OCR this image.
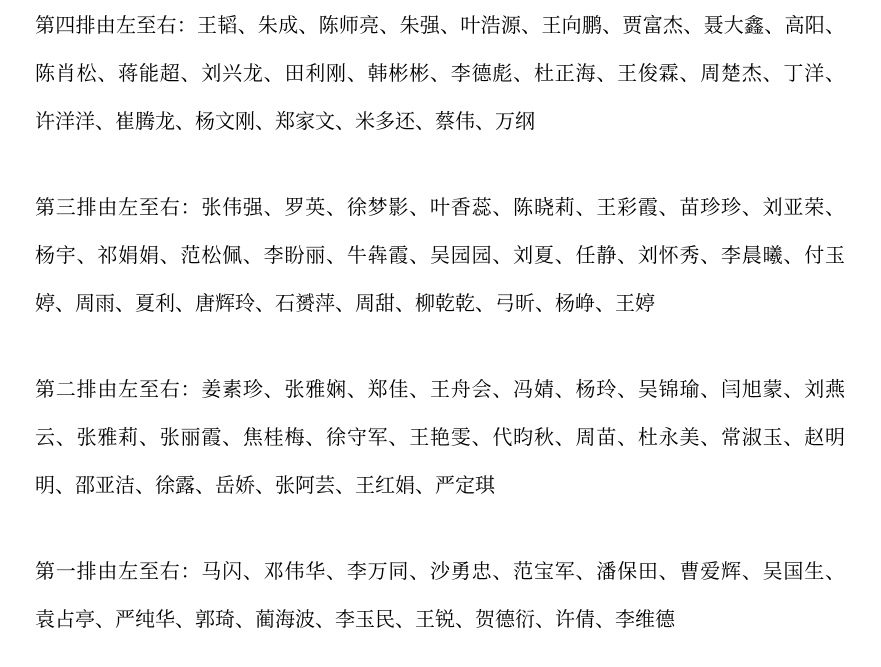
第四排由左至右：王韬、朱成、陈师亮、朱强、叶浩源、王向鹏、贾富杰、聂大鑫、高阳、
陈肖松、蒋能超、刘兴龙、田利刚、韩彬彬、李德彪、杜正海、王俊霖、周楚杰、丁洋、
许洋洋、崔腾龙、杨文刚、郑家文、米多还、蔡伟、万纲
第三排由左至右：张伟强、罗英、徐梦影、叶香蕊、陈晓莉、王彩霞、苗珍珍、刘亚荣、
杨宇、祁娟娟、范松佩、李盼丽、牛犇霞、吴园园、刘夏、任静、刘怀秀、李晨曦、付玉
婷、周雨、夏利、唐辉玲、石赟萍、周甜、柳乾乾、弓昕、杨峥、王婷
第二排由左至右：姜素珍、张雅娴、郑佳、王舟会、冯婧、杨玲、吴锦瑜、闫旭蒙、刘燕
云、张雅莉、张丽霞、焦桂梅、徐守军、王艳雯、代昀秋、周苗、杜永美、常淑玉、赵明
明、邵亚洁、徐露、岳娇、张阿芸、王红娟、严定琪
第一排由左至右：马闪、邓伟华、李万同、沙勇忠、范宝军、潘保田、曹爱辉、吴国生、
袁占亭、严纯华、郭琦、蔺海波、李玉民、王锐、贺德衍、许倩、李维德
